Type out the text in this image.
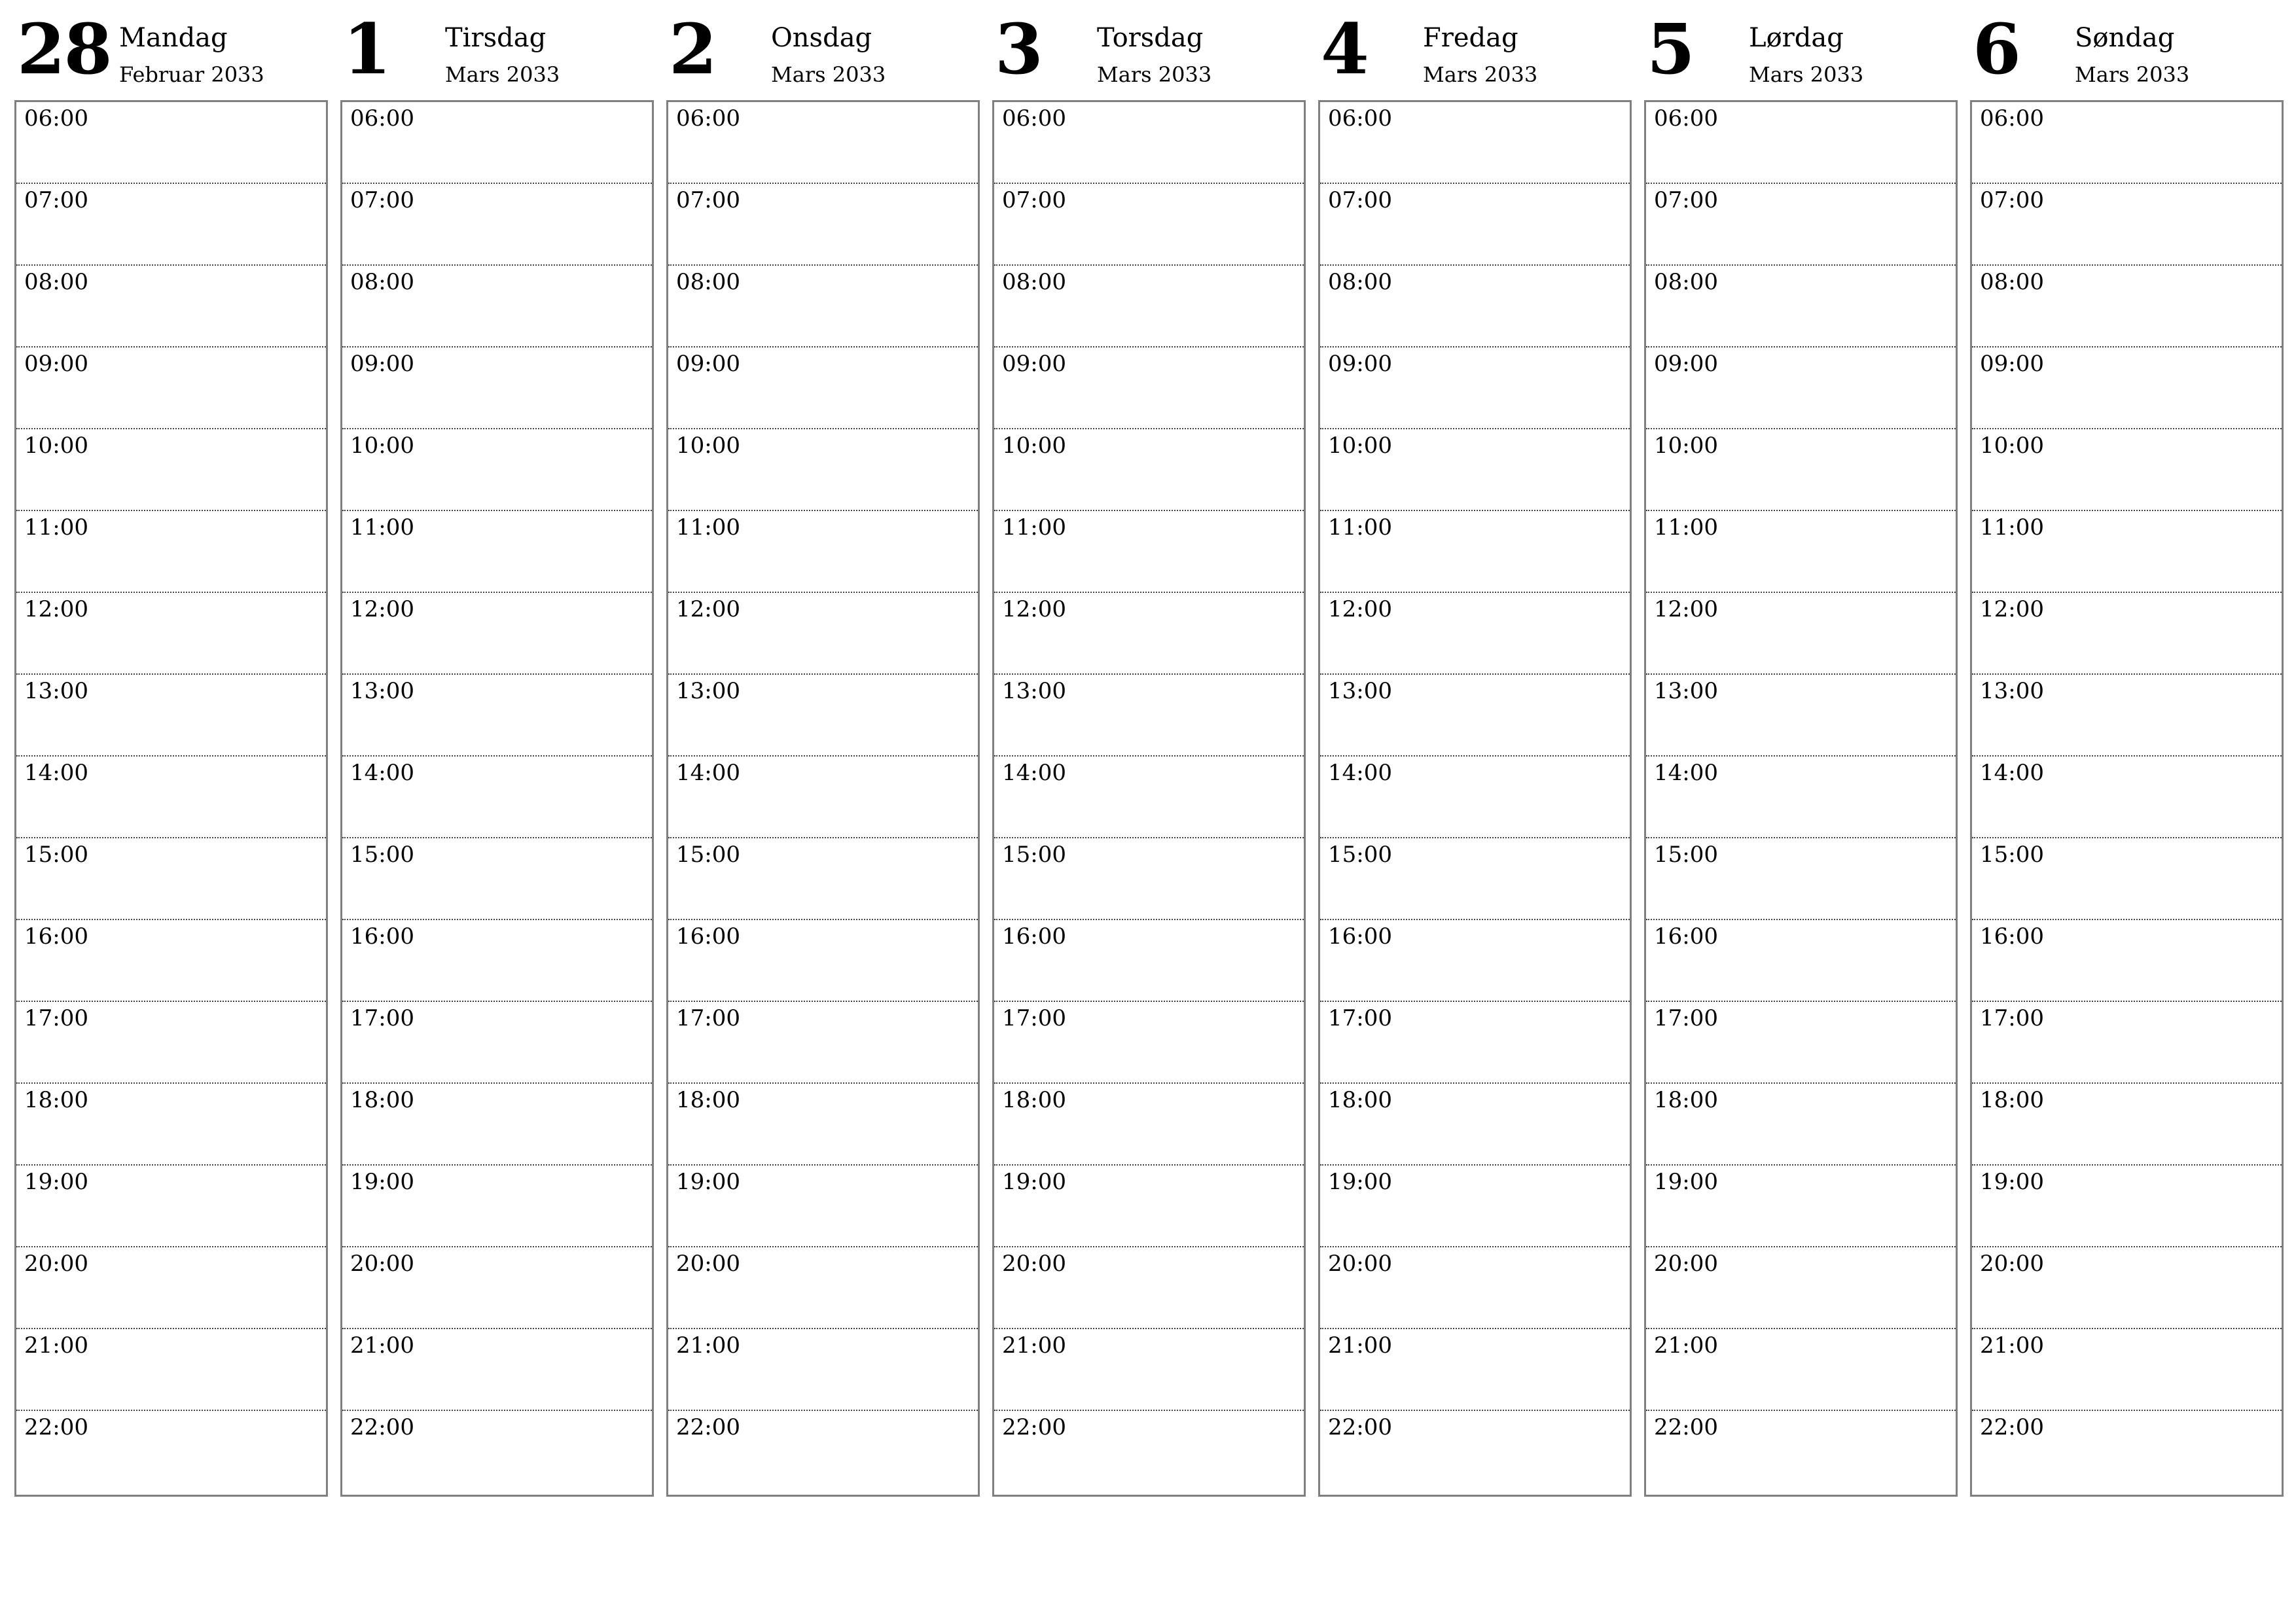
28 Mandag
Februar 2033
06:00
07:00
08:00
09:00
10:00
11:00
12:00
13:00
14:00
15:00
16:00
17:00
18:00
19:00
20:00
21:00
22:00
1 Tirsdag
Mars 2033
06:00
07:00
08:00
09:00
10:00
11:00
12:00
13:00
14:00
15:00
16:00
17:00
18:00
19:00
20:00
21:00
22:00
2 Onsdag
Mars 2033
06:00
07:00
08:00
09:00
10:00
11:00
12:00
13:00
14:00
15:00
16:00
17:00
18:00
19:00
20:00
21:00
22:00
3 Torsdag
Mars 2033
06:00
07:00
08:00
09:00
10:00
11:00
12:00
13:00
14:00
15:00
16:00
17:00
18:00
19:00
20:00
21:00
22:00
4 Fredag
Mars 2033
06:00
07:00
08:00
09:00
10:00
11:00
12:00
13:00
14:00
15:00
16:00
17:00
18:00
19:00
20:00
21:00
22:00
5 Lørdag
Mars 2033
06:00
07:00
08:00
09:00
10:00
11:00
12:00
13:00
14:00
15:00
16:00
17:00
18:00
19:00
20:00
21:00
22:00
6 Søndag
Mars 2033
06:00
07:00
08:00
09:00
10:00
11:00
12:00
13:00
14:00
15:00
16:00
17:00
18:00
19:00
20:00
21:00
22:00
